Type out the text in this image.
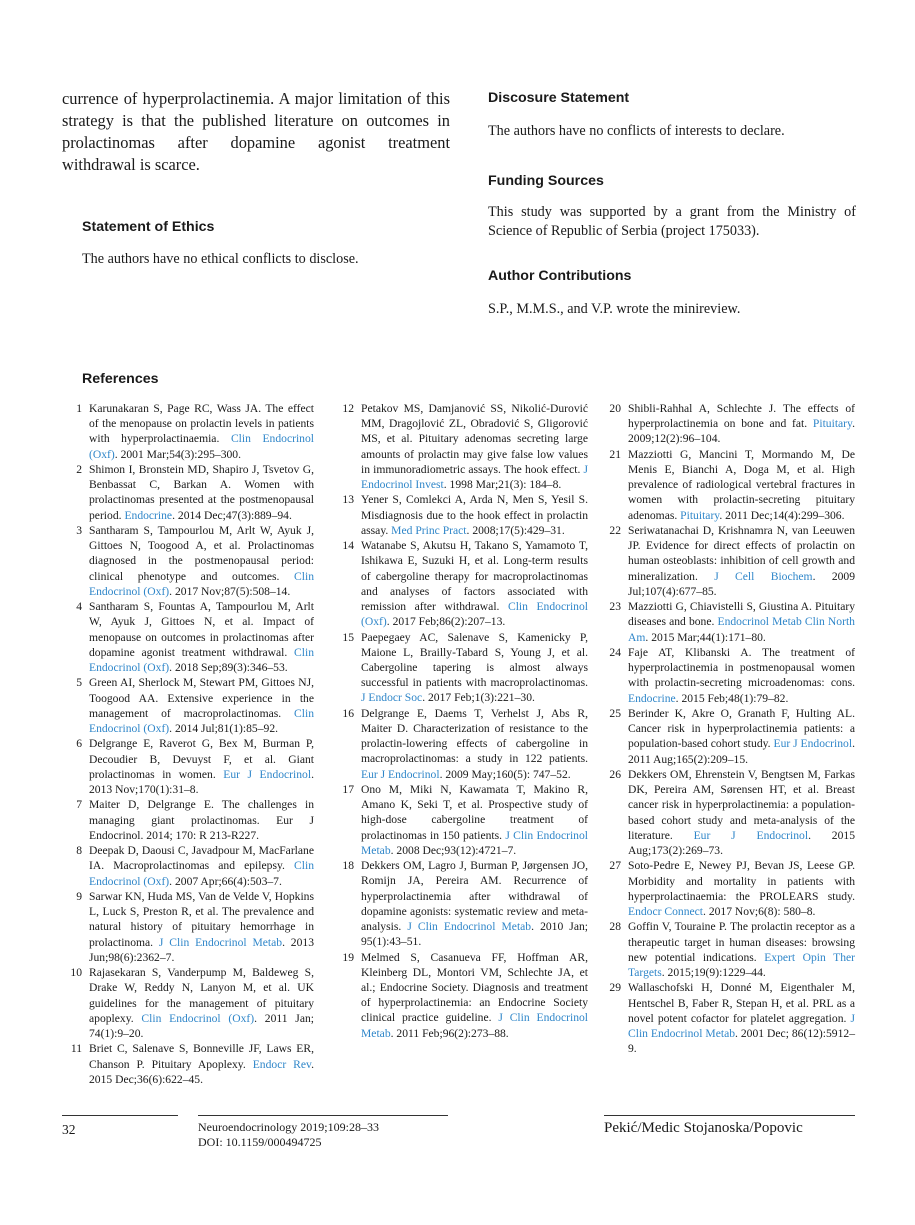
currence of hyperprolactinemia. A major limitation of this strategy is that the published literature on outcomes in prolactinomas after dopamine agonist treatment withdrawal is scarce.

Statement of Ethics

The authors have no ethical conflicts to disclose.

Discosure Statement

The authors have no conflicts of interests to declare.

Funding Sources

This study was supported by a grant from the Ministry of Science of Republic of Serbia (project 175033).

Author Contributions

S.P., M.M.S., and V.P. wrote the minireview.

References
1 Karunakaran S, Page RC, Wass JA. The effect of the menopause on prolactin levels in patients with hyperprolactinaemia. Clin Endocrinol (Oxf). 2001 Mar;54(3):295–300.
2 Shimon I, Bronstein MD, Shapiro J, Tsvetov G, Benbassat C, Barkan A. Women with prolactinomas presented at the postmenopausal period. Endocrine. 2014 Dec;47(3):889–94.
3 Santharam S, Tampourlou M, Arlt W, Ayuk J, Gittoes N, Toogood A, et al. Prolactinomas diagnosed in the postmenopausal period: clinical phenotype and outcomes. Clin Endocrinol (Oxf). 2017 Nov;87(5):508–14.
4 Santharam S, Fountas A, Tampourlou M, Arlt W, Ayuk J, Gittoes N, et al. Impact of menopause on outcomes in prolactinomas after dopamine agonist treatment withdrawal. Clin Endocrinol (Oxf). 2018 Sep;89(3):346–53.
5 Green AI, Sherlock M, Stewart PM, Gittoes NJ, Toogood AA. Extensive experience in the management of macroprolactinomas. Clin Endocrinol (Oxf). 2014 Jul;81(1):85–92.
6 Delgrange E, Raverot G, Bex M, Burman P, Decoudier B, Devuyst F, et al. Giant prolactinomas in women. Eur J Endocrinol. 2013 Nov;170(1):31–8.
7 Maiter D, Delgrange E. The challenges in managing giant prolactinomas. Eur J Endocrinol. 2014; 170: R 213-R227.
8 Deepak D, Daousi C, Javadpour M, MacFarlane IA. Macroprolactinomas and epilepsy. Clin Endocrinol (Oxf). 2007 Apr;66(4):503–7.
9 Sarwar KN, Huda MS, Van de Velde V, Hopkins L, Luck S, Preston R, et al. The prevalence and natural history of pituitary hemorrhage in prolactinoma. J Clin Endocrinol Metab. 2013 Jun;98(6):2362–7.
10 Rajasekaran S, Vanderpump M, Baldeweg S, Drake W, Reddy N, Lanyon M, et al. UK guidelines for the management of pituitary apoplexy. Clin Endocrinol (Oxf). 2011 Jan; 74(1):9–20.
11 Briet C, Salenave S, Bonneville JF, Laws ER, Chanson P. Pituitary Apoplexy. Endocr Rev. 2015 Dec;36(6):622–45.
12 Petakov MS, Damjanović SS, Nikolić-Durović MM, Dragojlović ZL, Obradović S, Gligorović MS, et al. Pituitary adenomas secreting large amounts of prolactin may give false low values in immunoradiometric assays. The hook effect. J Endocrinol Invest. 1998 Mar;21(3): 184–8.
13 Yener S, Comlekci A, Arda N, Men S, Yesil S. Misdiagnosis due to the hook effect in prolactin assay. Med Princ Pract. 2008;17(5):429–31.
14 Watanabe S, Akutsu H, Takano S, Yamamoto T, Ishikawa E, Suzuki H, et al. Long-term results of cabergoline therapy for macroprolactinomas and analyses of factors associated with remission after withdrawal. Clin Endocrinol (Oxf). 2017 Feb;86(2):207–13.
15 Paepegaey AC, Salenave S, Kamenicky P, Maione L, Brailly-Tabard S, Young J, et al. Cabergoline tapering is almost always successful in patients with macroprolactinomas. J Endocr Soc. 2017 Feb;1(3):221–30.
16 Delgrange E, Daems T, Verhelst J, Abs R, Maiter D. Characterization of resistance to the prolactin-lowering effects of cabergoline in macroprolactinomas: a study in 122 patients. Eur J Endocrinol. 2009 May;160(5): 747–52.
17 Ono M, Miki N, Kawamata T, Makino R, Amano K, Seki T, et al. Prospective study of high-dose cabergoline treatment of prolactinomas in 150 patients. J Clin Endocrinol Metab. 2008 Dec;93(12):4721–7.
18 Dekkers OM, Lagro J, Burman P, Jørgensen JO, Romijn JA, Pereira AM. Recurrence of hyperprolactinemia after withdrawal of dopamine agonists: systematic review and meta-analysis. J Clin Endocrinol Metab. 2010 Jan; 95(1):43–51.
19 Melmed S, Casanueva FF, Hoffman AR, Kleinberg DL, Montori VM, Schlechte JA, et al.; Endocrine Society. Diagnosis and treatment of hyperprolactinemia: an Endocrine Society clinical practice guideline. J Clin Endocrinol Metab. 2011 Feb;96(2):273–88.
20 Shibli-Rahhal A, Schlechte J. The effects of hyperprolactinemia on bone and fat. Pituitary. 2009;12(2):96–104.
21 Mazziotti G, Mancini T, Mormando M, De Menis E, Bianchi A, Doga M, et al. High prevalence of radiological vertebral fractures in women with prolactin-secreting pituitary adenomas. Pituitary. 2011 Dec;14(4):299–306.
22 Seriwatanachai D, Krishnamra N, van Leeuwen JP. Evidence for direct effects of prolactin on human osteoblasts: inhibition of cell growth and mineralization. J Cell Biochem. 2009 Jul;107(4):677–85.
23 Mazziotti G, Chiavistelli S, Giustina A. Pituitary diseases and bone. Endocrinol Metab Clin North Am. 2015 Mar;44(1):171–80.
24 Faje AT, Klibanski A. The treatment of hyperprolactinemia in postmenopausal women with prolactin-secreting microadenomas: cons. Endocrine. 2015 Feb;48(1):79–82.
25 Berinder K, Akre O, Granath F, Hulting AL. Cancer risk in hyperprolactinemia patients: a population-based cohort study. Eur J Endocrinol. 2011 Aug;165(2):209–15.
26 Dekkers OM, Ehrenstein V, Bengtsen M, Farkas DK, Pereira AM, Sørensen HT, et al. Breast cancer risk in hyperprolactinemia: a population-based cohort study and meta-analysis of the literature. Eur J Endocrinol. 2015 Aug;173(2):269–73.
27 Soto-Pedre E, Newey PJ, Bevan JS, Leese GP. Morbidity and mortality in patients with hyperprolactinaemia: the PROLEARS study. Endocr Connect. 2017 Nov;6(8): 580–8.
28 Goffin V, Touraine P. The prolactin receptor as a therapeutic target in human diseases: browsing new potential indications. Expert Opin Ther Targets. 2015;19(9):1229–44.
29 Wallaschofski H, Donné M, Eigenthaler M, Hentschel B, Faber R, Stepan H, et al. PRL as a novel potent cofactor for platelet aggregation. J Clin Endocrinol Metab. 2001 Dec; 86(12):5912–9.
32	Neuroendocrinology 2019;109:28–33
DOI: 10.1159/000494725
Pekić/Medic Stojanoska/Popovic
